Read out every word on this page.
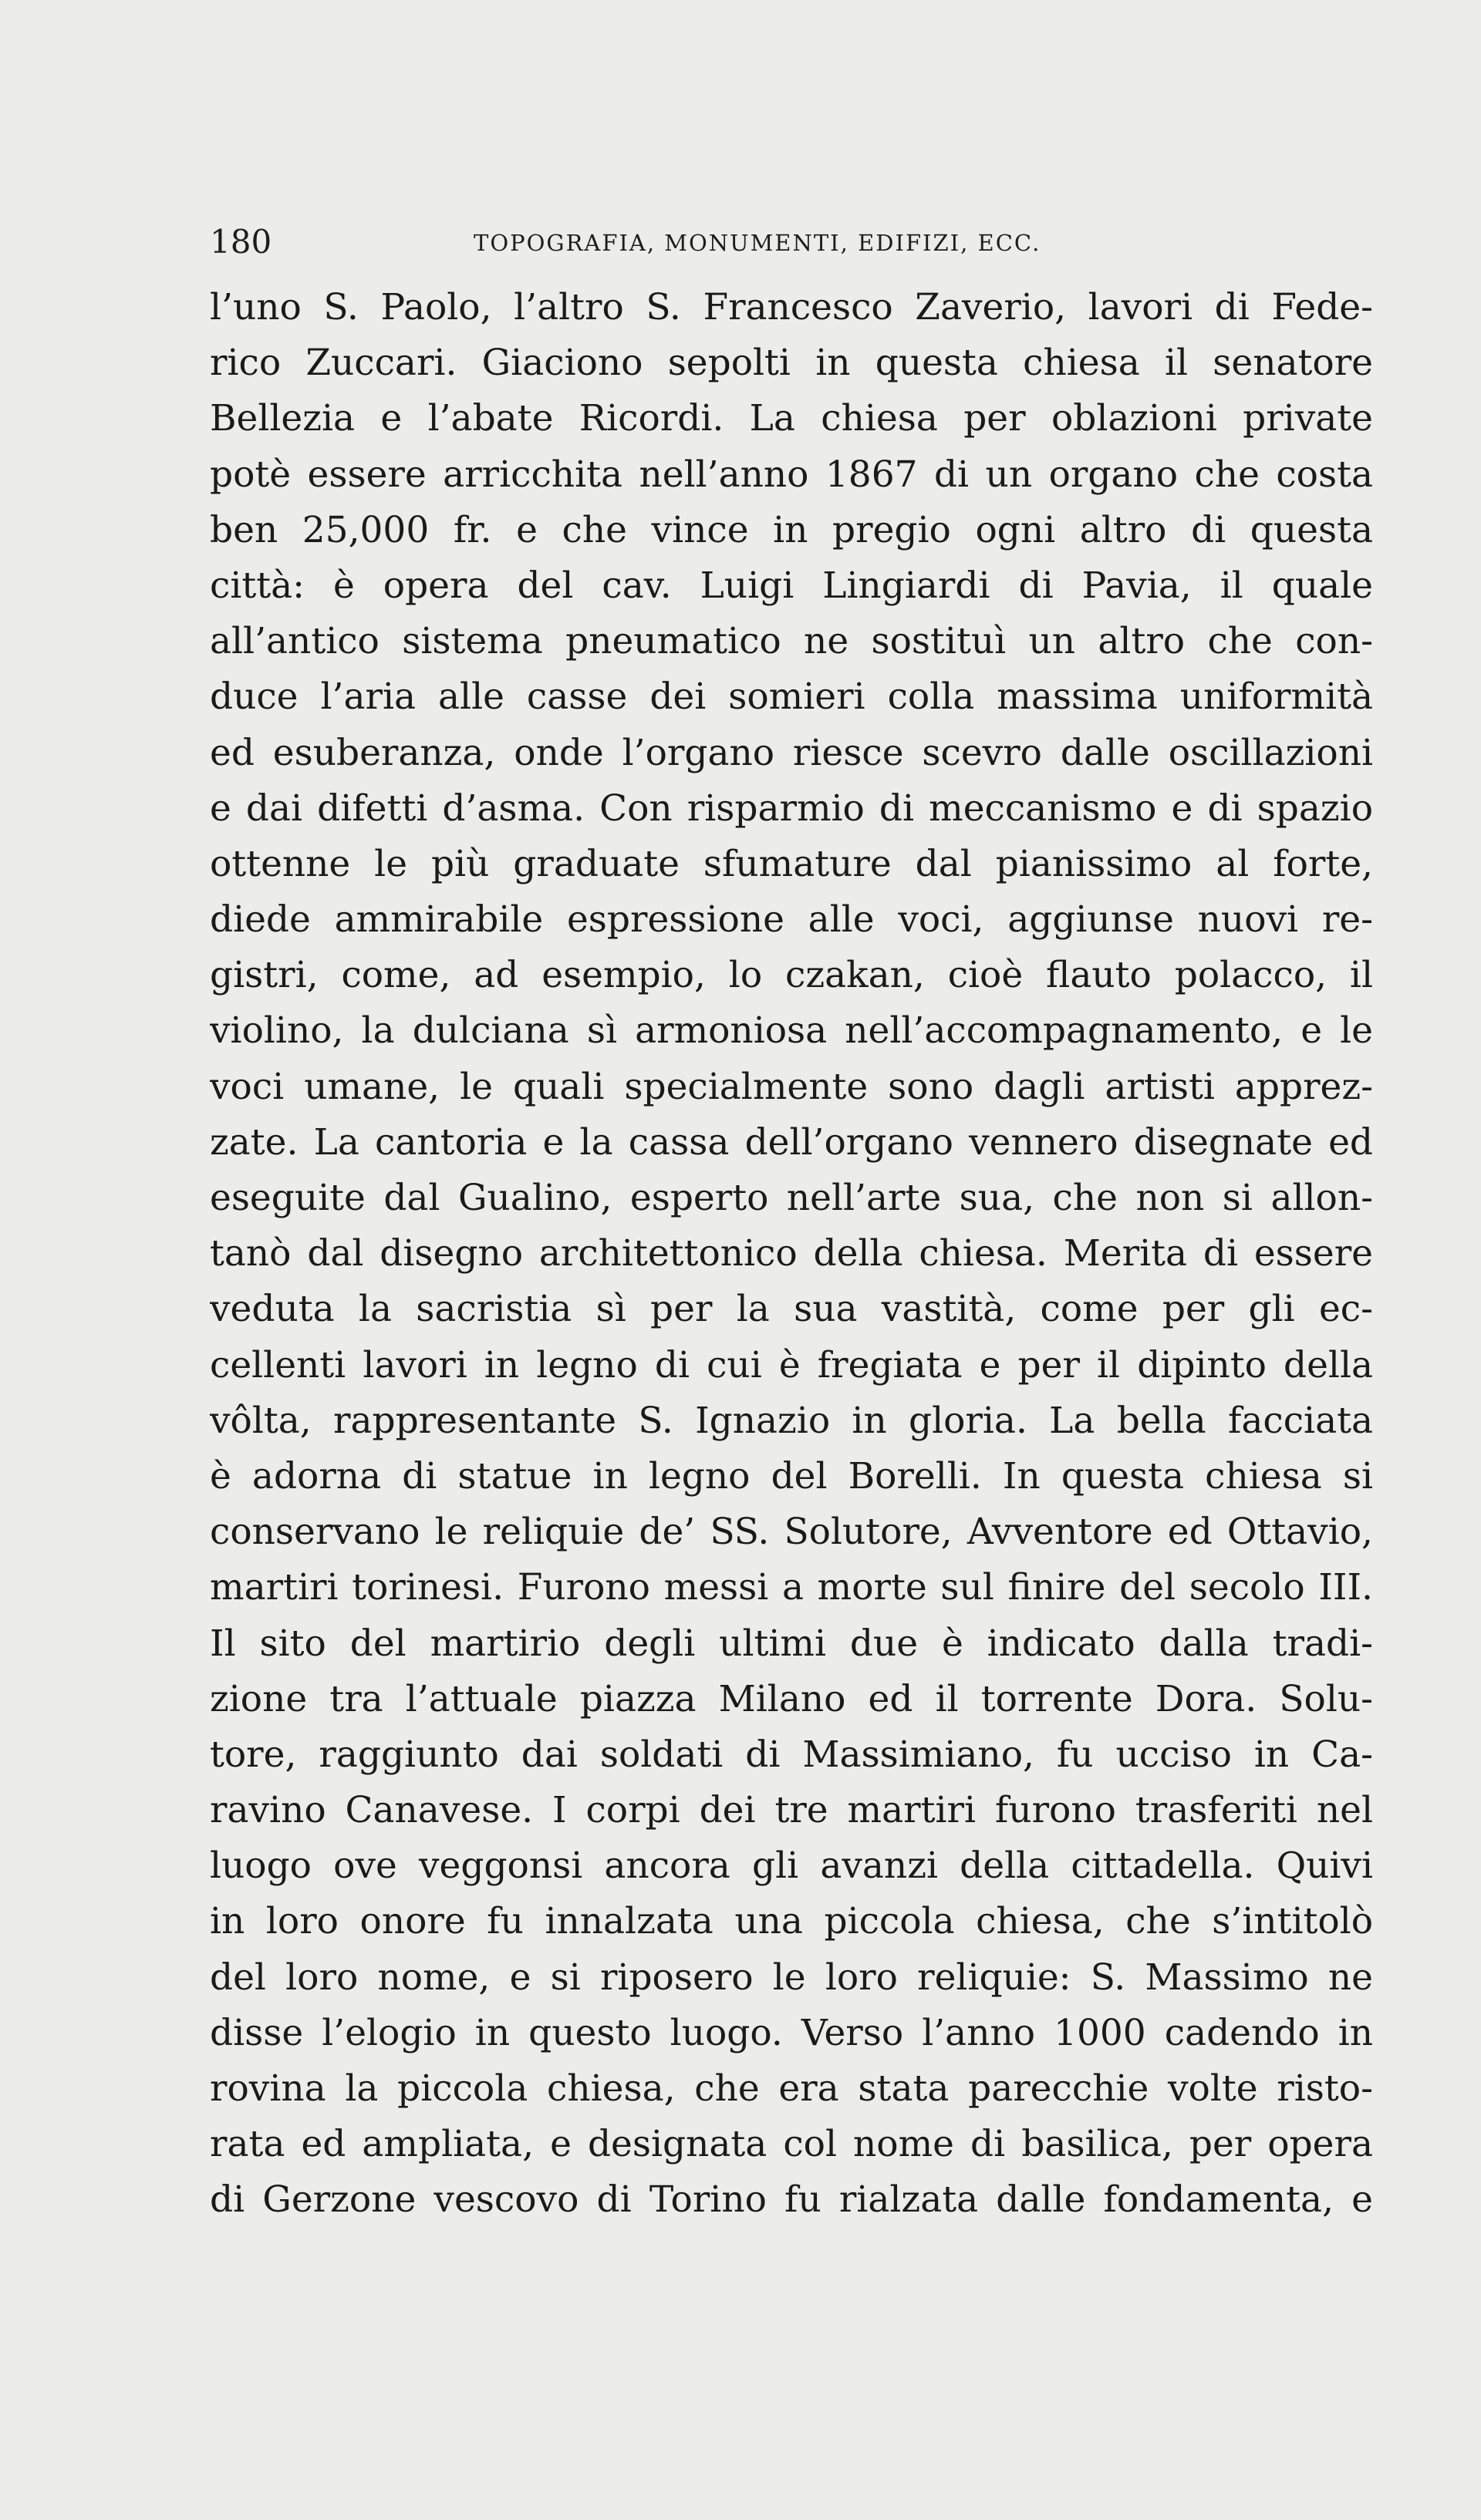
180	TOPOGRAFIA, MONUMENTI, EDIFIZI, ECC.
l’uno S. Paolo, l’altro S. Francesco Zaverio, lavori di Fede-
rico Zuccari. Giaciono sepolti in questa chiesa il senatore
Bellezia e l’abate Ricordi. La chiesa per oblazioni private
potè essere arricchita nell’anno 1867 di un organo che costa
ben 25,000 fr. e che vince in pregio ogni altro di questa
città: è opera del cav. Luigi Lingiardi di Pavia, il quale
all’antico sistema pneumatico ne sostituì un altro che con-
duce l’aria alle casse dei somieri colla massima uniformità
ed esuberanza, onde l’organo riesce scevro dalle oscillazioni
e dai difetti d’asma. Con risparmio di meccanismo e di spazio
ottenne le più graduate sfumature dal pianissimo al forte,
diede ammirabile espressione alle voci, aggiunse nuovi re-
gistri, come, ad esempio, lo czakan, cioè flauto polacco, il
violino, la dulciana sì armoniosa nell’accompagnamento, e le
voci umane, le quali specialmente sono dagli artisti apprez-
zate. La cantoria e la cassa dell’organo vennero disegnate ed
eseguite dal Gualino, esperto nell’arte sua, che non si allon-
tanò dal disegno architettonico della chiesa. Merita di essere
veduta la sacristia sì per la sua vastità, come per gli ec-
cellenti lavori in legno di cui è fregiata e per il dipinto della
vôlta, rappresentante S. Ignazio in gloria. La bella facciata
è adorna di statue in legno del Borelli. In questa chiesa si
conservano le reliquie de’ SS. Solutore, Avventore ed Ottavio,
martiri torinesi. Furono messi a morte sul finire del secolo III.
Il sito del martirio degli ultimi due è indicato dalla tradi-
zione tra l’attuale piazza Milano ed il torrente Dora. Solu-
tore, raggiunto dai soldati di Massimiano, fu ucciso in Ca-
ravino Canavese. I corpi dei tre martiri furono trasferiti nel
luogo ove veggonsi ancora gli avanzi della cittadella. Quivi
in loro onore fu innalzata una piccola chiesa, che s’intitolò
del loro nome, e si riposero le loro reliquie: S. Massimo ne
disse l’elogio in questo luogo. Verso l’anno 1000 cadendo in
rovina la piccola chiesa, che era stata parecchie volte risto-
rata ed ampliata, e designata col nome di basilica, per opera
di Gerzone vescovo di Torino fu rialzata dalle fondamenta, e
